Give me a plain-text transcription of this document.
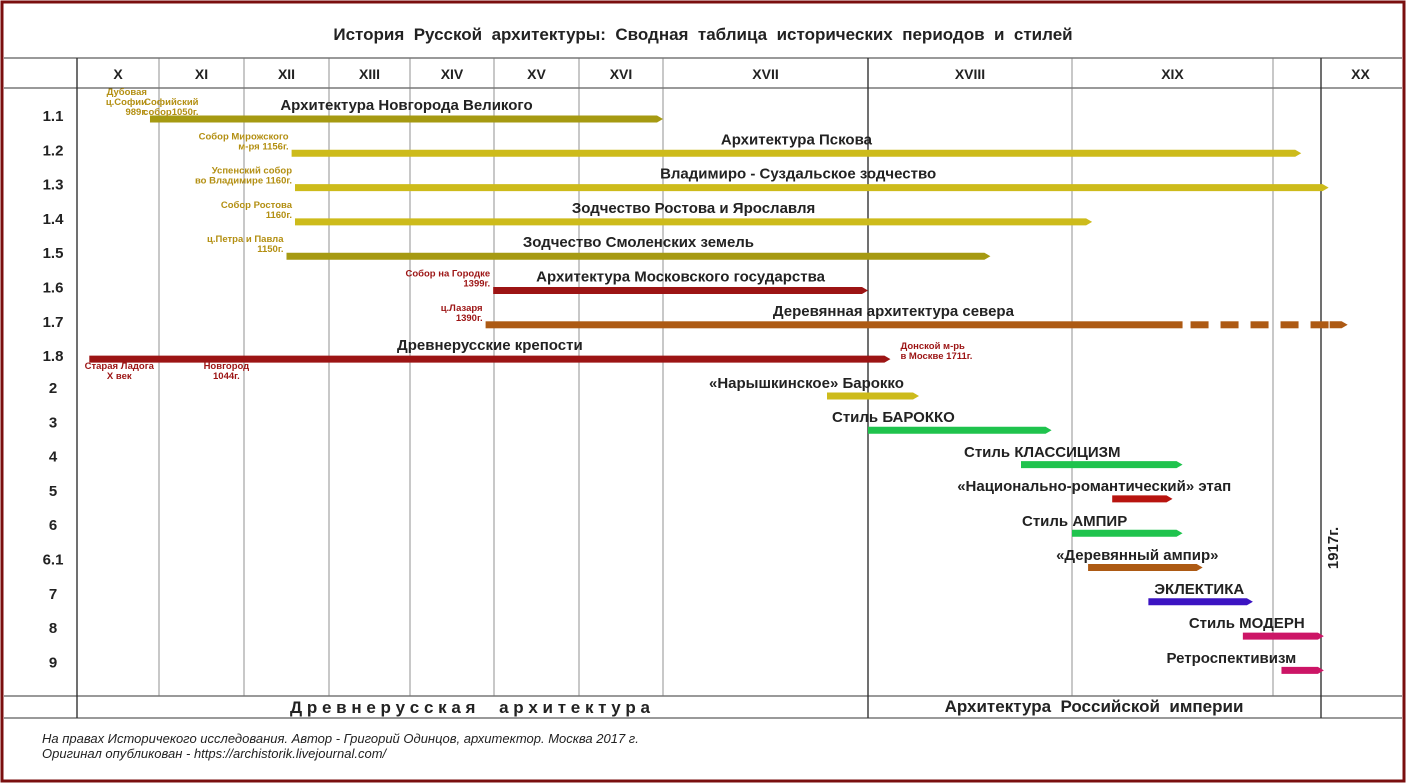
История  Русской  архитектуры:  Сводная  таблица  исторических  периодов  и  стилей
X	XI	XII	XIII	XIV	XV	XVI	XVII	XVIII	XIX	XX
1.1
Архитектура Новгорода Великого
Дубовая ц.Софии 989г.
Софийский собор1050г.
1.2
Архитектура Пскова
Собор Мирожского м-ря 1156г.
1.3
Владимиро - Суздальское зодчество
Успенский собор во Владимире 1160г.
1.4
Зодчество Ростова и Ярославля
Собор Ростова 1160г.
1.5
Зодчество Смоленских земель
ц.Петра и Павла 1150г.
1.6
Архитектура Московского государства
Собор на Городке 1399г.
1.7
Деревянная архитектура севера
ц.Лазаря 1390г.
1.8
Древнерусские крепости
Старая Ладога X век
Новгород 1044г.
Донской м-рь в Москве 1711г.
2	«Нарышкинское» Барокко
3	Стиль БАРОККО
4	Стиль КЛАССИЦИЗМ
5	«Национально-романтический» этап
6	Стиль АМПИР
6.1	«Деревянный ампир»
7	ЭКЛЕКТИКА
8	Стиль МОДЕРН
9	Ретроспективизм
1917г.
Д р е в н е р у с с к а я     а р х и т е к т у р а	Архитектура  Российской  империи
На правах Историчекого исследования. Автор - Григорий Одинцов, архитектор. Москва 2017 г.
Оригинал опубликован - https://archistorik.livejournal.com/
